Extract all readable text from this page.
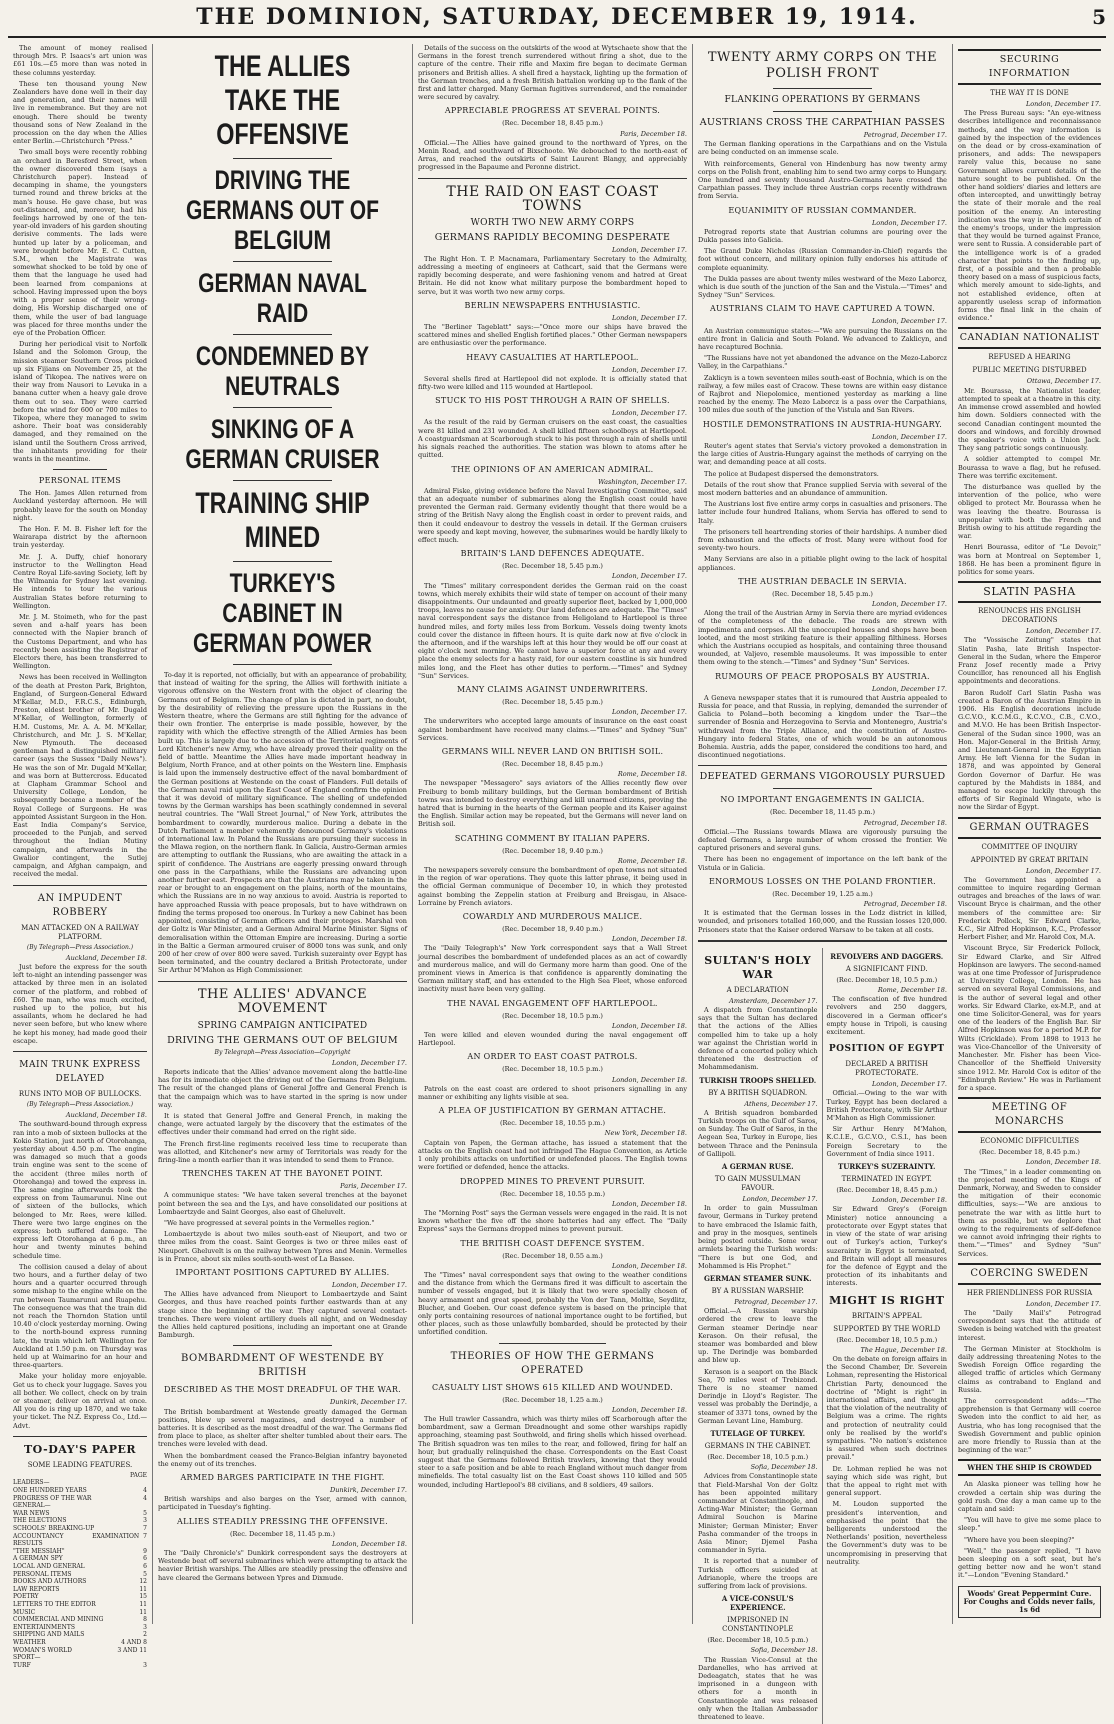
THE DOMINION, SATURDAY, DECEMBER 19, 1914.	5

The amount of money realised through Mrs. P. Isaacs's art union was £61 10s.—£5 more than was noted in these columns yesterday.

These ten thousand young New Zealanders have done well in their day and generation, and their names will live in remembrance. But they are not enough. There should be twenty thousand sons of New Zealand in the procession on the day when the Allies enter Berlin.—Christchurch "Press."

Two small boys were recently robbing an orchard in Beresford Street, when the owner discovered them (says a Christchurch paper). Instead of decamping in shame, the youngsters turned round and threw bricks at the man's house. He gave chase, but was out-distanced, and, moreover, had his feelings harrowed by one of the ten-year-old invaders of his garden shouting derisive comments. The lads were hunted up later by a policeman, and were brought before Mr. E. C. Cutten, S.M., when the Magistrate was somewhat shocked to be told by one of them that the language he used had been learned from companions at school. Having impressed upon the boys with a proper sense of their wrong-doing, His Worship discharged one of them, while the user of bad language was placed for three months under the eye of the Probation Officer.

During her periodical visit to Norfolk Island and the Solomon Group, the mission steamer Southern Cross picked up six Fijians on November 25, at the island of Tikopea. The natives were on their way from Nausori to Levuka in a banana cutter when a heavy gale drove them out to sea. They were carried before the wind for 600 or 700 miles to Tikopea, where they managed to swim ashore. Their boat was considerably damaged, and they remained on the island until the Southern Cross arrived, the inhabitants providing for their wants in the meantime.

PERSONAL ITEMS

The Hon. James Allen returned from Auckland yesterday afternoon. He will probably leave for the south on Monday night.

The Hon. F. M. B. Fisher left for the Wairarapa district by the afternoon train yesterday.

Mr. J. A. Duffy, chief honorary instructor to the Wellington Head Centre Royal Life-saving Society, left by the Wilmania for Sydney last evening. He intends to tour the various Australian States before returning to Wellington.

Mr. J. M. Stoimeth, who for the past seven and a-half years has been connected with the Napier branch of the Customs Department, and who has recently been assisting the Registrar of Electors there, has been transferred to Wellington.

News has been received in Wellington of the death at Preston Park, Brighton, England, of Surgeon-General Edward M'Kellar, M.D., F.R.C.S., Edinburgh, Preston, eldest brother of Mr. Dugald M'Kellar, of Wellington, formerly of H.M. Customs, Mr. A. A. M. M'Kellar, Christchurch, and Mr. J. S. M'Kellar, New Plymouth. The deceased gentleman had a distinguished military career (says the Sussex "Daily News"). He was the son of Mr. Dugald M'Kellar, and was born at Buttercross. Educated at Clapham Grammar School and University College, London, he subsequently became a member of the Royal College of Surgeons. He was appointed Assistant Surgeon in the Hon. East India Company's Service, proceeded to the Punjab, and served throughout the Indian Mutiny campaign, and afterwards in the Gwalior contingent, the Sutlej campaign, and Afghan campaign, and received the medal.

AN IMPUDENT ROBBERY
MAN ATTACKED ON A RAILWAY PLATFORM.
(By Telegraph—Press Association.)
Auckland, December 18.

Just before the express for the south left to-night an intending passenger was attacked by three men in an isolated corner of the platform, and robbed of £60. The man, who was much excited, rushed up to the police, but his assailants, whom he declared he had never seen before, but who knew where he kept his money, had made good their escape.

MAIN TRUNK EXPRESS DELAYED
RUNS INTO MOB OF BULLOCKS.
(By Telegraph—Press Association.)
Auckland, December 18.

The southward-bound through express ran into a mob of sixteen bullocks at the Kokio Station, just north of Otorohanga, yesterday about 4.50 p.m. The engine was damaged so much that a goods train engine was sent to the scene of the accident (three miles north of Otorohanga) and towed the express in. The same engine afterwards took the express on from Taumarunui. Nine out of sixteen of the bullocks, which belonged to Mr. Rees, were killed. There were two large engines on the express; both suffered damage. The express left Otorohanga at 6 p.m., an hour and twenty minutes behind schedule time.

The collision caused a delay of about two hours, and a further delay of two hours and a quarter occurred through some mishap to the engine while on the run between Taumarunui and Ruapehu. The consequence was that the train did not reach the Thorndon Station until 10.40 o'clock yesterday morning. Owing to the north-bound express running late, the train which left Wellington for Auckland at 1.50 p.m. on Thursday was held up at Waimarino for an hour and three-quarters.

Make your holiday more enjoyable. Get us to check your luggage. Saves you all bother. We collect, check on by train or steamer, deliver on arrival at once. All you do is ring up 1870, and we take your ticket. The N.Z. Express Co., Ltd.—Advt.

TO-DAY'S PAPER
SOME LEADING FEATURES.
PAGE
LEADERS—
ONE HUNDRED YEARS	4
PROGRESS OF THE WAR	4
GENERAL—
WAR NEWS	5
THE ELECTIONS	3
SCHOOLS' BREAKING-UP	7
ACCOUNTANCY EXAMINATION RESULTS
7
"THE MESSIAH"	9
A GERMAN SPY	6
LOCAL AND GENERAL	6
PERSONAL ITEMS	5
BOOKS AND AUTHORS	12
LAW REPORTS	11
POETRY	15
LETTERS TO THE EDITOR	11
MUSIC	11
COMMERCIAL AND MINING	8
ENTERTAINMENTS	3
SHIPPING AND MAILS	2
WEATHER	4 AND 8
WOMAN'S WORLD	3 AND 11
SPORT—
TURF	3
THE ALLIES TAKE THE OFFENSIVE
DRIVING THE GERMANS OUT OF BELGIUM
GERMAN NAVAL RAID
CONDEMNED BY NEUTRALS
SINKING OF A GERMAN CRUISER
TRAINING SHIP MINED
TURKEY'S CABINET IN GERMAN POWER

To-day it is reported, not officially, but with an appearance of probability, that instead of waiting for the spring, the Allies will forthwith initiate a vigorous offensive on the Western front with the object of clearing the Germans out of Belgium. The change of plan is dictated in part, no doubt, by the desirability of relieving the pressure upon the Russians in the Western theatre, where the Germans are still fighting for the advance of their own frontier. The enterprise is made possible, however, by the rapidity with which the effective strength of the Allied Armies has been built up. This is largely due to the accession of the Territorial regiments of Lord Kitchener's new Army, who have already proved their quality on the field of battle. Meantime the Allies have made important headway in Belgium, North France, and at other points on the Western line. Emphasis is laid upon the immensely destructive effect of the naval bombardment of the German positions at Westende on the coast of Flanders. Full details of the German naval raid upon the East Coast of England confirm the opinion that it was devoid of military significance. The shelling of undefended towns by the German warships has been scathingly condemned in several neutral countries. The "Wall Street Journal," of New York, attributes the bombardment to cowardly, murderous malice. During a debate in the Dutch Parliament a member vehemently denounced Germany's violations of international law. In Poland the Russians are pursuing their success in the Mlawa region, on the northern flank. In Galicia, Austro-German armies are attempting to outflank the Russians, who are awaiting the attack in a spirit of confidence. The Austrians are eagerly pressing onward through one pass in the Carpathians, while the Russians are advancing upon another further east. Prospects are that the Austrians may be taken in the rear or brought to an engagement on the plains, north of the mountains, which the Russians are in no way anxious to avoid. Austria is reported to have approached Russia with peace proposals, but to have withdrawn on finding the terms proposed too onerous. In Turkey a new Cabinet has been appointed, consisting of German officers and their proteges. Marshal von der Goltz is War Minister, and a German Admiral Marine Minister. Signs of demoralisation within the Ottoman Empire are increasing. During a sortie in the Baltic a German armoured cruiser of 8000 tons was sunk, and only 200 of her crew of over 800 were saved. Turkish suzerainty over Egypt has been terminated, and the country declared a British Protectorate, under Sir Arthur M'Mahon as High Commissioner.

THE ALLIES' ADVANCE MOVEMENT
SPRING CAMPAIGN ANTICIPATED
DRIVING THE GERMANS OUT OF BELGIUM
By Telegraph—Press Association—Copyright
London, December 17.

Reports indicate that the Allies' advance movement along the battle-line has for its immediate object the driving out of the Germans from Belgium. The result of the changed plans of General Joffre and General French is that the campaign which was to have started in the spring is now under way.

It is stated that General Joffre and General French, in making the change, were actuated largely by the discovery that the estimates of the effectives under their command had erred on the right side.

The French first-line regiments received less time to recuperate than was allotted, and Kitchener's new army of Territorials was ready for the firing-line a month earlier than it was intended to send them to France.

TRENCHES TAKEN AT THE BAYONET POINT.
Paris, December 17.

A communique states: "We have taken several trenches at the bayonet point between the sea and the Lys, and have consolidated our positions at Lombaertzyde and Saint Georges, also east of Gheluvelt.

"We have progressed at several points in the Vermelles region."

Lombaertzyde is about two miles south-east of Nieuport, and two or three miles from the coast. Saint Georges is two or three miles east of Nieuport. Gheluvelt is on the railway between Ypres and Menin. Vermelles is in France, about six miles south-south-west of La Bassee.

IMPORTANT POSITIONS CAPTURED BY ALLIES.
London, December 17.

The Allies have advanced from Nieuport to Lombaertzyde and Saint Georges, and thus have reached points further eastwards than at any stage since the beginning of the war. They captured several contact-trenches. There were violent artillery duels all night, and on Wednesday the Allies held captured positions, including an important one at Grande Bamburgh.

BOMBARDMENT OF WESTENDE BY BRITISH
DESCRIBED AS THE MOST DREADFUL OF THE WAR.
Dunkirk, December 17.

The British bombardment at Westende greatly damaged the German positions, blew up several magazines, and destroyed a number of batteries. It is described as the most dreadful of the war. The Germans fled from place to place, as shelter after shelter tumbled about their ears. The trenches were leveled with dead.

When the bombardment ceased the Franco-Belgian infantry bayoneted the enemy out of its trenches.

ARMED BARGES PARTICIPATE IN THE FIGHT.
Dunkirk, December 17.

British warships and also barges on the Yser, armed with cannon, participated in Tuesday's fighting.

ALLIES STEADILY PRESSING THE OFFENSIVE.
(Rec. December 18, 11.45 p.m.)
London, December 18.

The "Daily Chronicle's" Dunkirk correspondent says the destroyers at Westende beat off several submarines which were attempting to attack the heavier British warships. The Allies are steadily pressing the offensive and have cleared the Germans between Ypres and Dixmude.

Details of the success on the outskirts of the wood at Wytschaete show that the Germans in the forest trench surrendered without firing a shot, due to the capture of the centre. Their rifle and Maxim fire began to decimate German prisoners and British allies. A shell fired a haystack, lighting up the formation of the German trenches, and a fresh British battalion working up to the flank of the first and latter charged. Many German fugitives surrendered, and the remainder were secured by cavalry.

APPRECIABLE PROGRESS AT SEVERAL POINTS.
(Rec. December 18, 8.45 p.m.)
Paris, December 18.

Official.—The Allies have gained ground to the northward of Ypres, on the Menin Road, and southward of Bixschoote. We debouched to the north-east of Arras, and reached the outskirts of Saint Laurent Blangy, and appreciably progressed in the Bapaume and Peronne district.

THE RAID ON EAST COAST TOWNS
WORTH TWO NEW ARMY CORPS
GERMANS RAPIDLY BECOMING DESPERATE
London, December 17.

The Right Hon. T. P. Macnamara, Parliamentary Secretary to the Admiralty, addressing a meeting of engineers at Cathcart, said that the Germans were rapidly becoming desperate, and were fashioning venom and hatred at Great Britain. He did not know what military purpose the bombardment hoped to serve, but it was worth two new army corps.

BERLIN NEWSPAPERS ENTHUSIASTIC.
London, December 17.

The "Berliner Tageblatt" says:—"Once more our ships have braved the scattered mines and shelled English fortified places." Other German newspapers are enthusiastic over the performance.

HEAVY CASUALTIES AT HARTLEPOOL.
London, December 17.

Several shells fired at Hartlepool did not explode. It is officially stated that fifty-two were killed and 115 wounded at Hartlepool.

STUCK TO HIS POST THROUGH A RAIN OF SHELLS.
London, December 17.

As the result of the raid by German cruisers on the east coast, the casualties were 81 killed and 231 wounded. A shell killed fifteen schoolboys at Hartlepool. A coastguardsman at Scarborough stuck to his post through a rain of shells until his signals reached the authorities. The station was blown to atoms after he quitted.

THE OPINIONS OF AN AMERICAN ADMIRAL.
Washington, December 17.

Admiral Fiske, giving evidence before the Naval Investigating Committee, said that an adequate number of submarines along the English coast could have prevented the German raid. Germany evidently thought that there would be a string of the British Navy along the English coast in order to prevent raids, and then it could endeavour to destroy the vessels in detail. If the German cruisers were speedy and kept moving, however, the submarines would be hardly likely to effect much.

BRITAIN'S LAND DEFENCES ADEQUATE.
(Rec. December 18, 5.45 p.m.)
London, December 17.

The "Times" military correspondent derides the German raid on the coast towns, which merely exhibits their wild state of temper on account of their many disappointments. Our undaunted and greatly superior fleet, backed by 1,000,000 troops, leaves no cause for anxiety. Our land defences are adequate. The "Times" naval correspondent says the distance from Heligoland to Hartlepool is three hundred miles, and forty miles less from Borkum. Vessels doing twenty knots could cover the distance in fifteen hours. It is quite dark now at five o'clock in the afternoon, and if the warships left at this hour they would be off our coast at eight o'clock next morning. We cannot have a superior force at any and every place the enemy selects for a hasty raid, for our eastern coastline is six hundred miles long, and the Fleet has other duties to perform.—"Times" and Sydney "Sun" Services.

MANY CLAIMS AGAINST UNDERWRITERS.
(Rec. December 18, 5.45 p.m.)
London, December 17.

The underwriters who accepted large amounts of insurance on the east coast against bombardment have received many claims.—"Times" and Sydney "Sun" Services.

GERMANS WILL NEVER LAND ON BRITISH SOIL.
(Rec. December 18, 8.45 p.m.)
Rome, December 18.

The newspaper "Messagero" says aviators of the Allies recently flew over Freiburg to bomb military buildings, but the German bombardment of British towns was intended to destroy everything and kill unarmed citizens, proving the hatred that is burning in the hearts of the German people and its Kaiser against the English. Similar action may be repeated, but the Germans will never land on British soil.

SCATHING COMMENT BY ITALIAN PAPERS.
(Rec. December 18, 9.40 p.m.)
Rome, December 18.

The newspapers severely censure the bombardment of open towns not situated in the region of war operations. They quote this latter phrase, it being used in the official German communique of December 10, in which they protested against bombing the Zeppelin station at Freiburg and Breisgau, in Alsace-Lorraine by French aviators.

COWARDLY AND MURDEROUS MALICE.
(Rec. December 18, 9.40 p.m.)
London, December 18.

The "Daily Telegraph's" New York correspondent says that a Wall Street journal describes the bombardment of undefended places as an act of cowardly and murderous malice, and will do Germany more harm than good. One of the prominent views in America is that confidence is apparently dominating the German military staff, and has extended to the High Sea Fleet, whose enforced inactivity must have been very galling.

THE NAVAL ENGAGEMENT OFF HARTLEPOOL.
(Rec. December 18, 10.5 p.m.)
London, December 18.

Ten were killed and eleven wounded during the naval engagement off Hartlepool.

AN ORDER TO EAST COAST PATROLS.
(Rec. December 18, 10.5 p.m.)
London, December 18.

Patrols on the east coast are ordered to shoot prisoners signalling in any manner or exhibiting any lights visible at sea.

A PLEA OF JUSTIFICATION BY GERMAN ATTACHE.
(Rec. December 18, 10.55 p.m.)
New York, December 18.

Captain von Papen, the German attache, has issued a statement that the attacks on the English coast had not infringed The Hague Convention, as Article 1 only prohibits attacks on unfortified or undefended places. The English towns were fortified or defended, hence the attacks.

DROPPED MINES TO PREVENT PURSUIT.
(Rec. December 18, 10.55 p.m.)
London, December 18.

The "Morning Post" says the German vessels were engaged in the raid. It is not known whether the five off the shore batteries had any effect. The "Daily Express" says the Germans dropped mines to prevent pursuit.

THE BRITISH COAST DEFENCE SYSTEM.
(Rec. December 18, 0.55 a.m.)
London, December 18.

The "Times" naval correspondent says that owing to the weather conditions and the distance from which the Germans fired it was difficult to ascertain the number of vessels engaged, but it is likely that two were specially chosen of heavy armament and great speed, probably the Von der Tann, Moltke, Seydlitz, Blucher, and Goeben. Our coast defence system is based on the principle that only ports containing resources of national importance ought to be fortified, but other places, such as those unlawfully bombarded, should be protected by their unfortified condition.

THEORIES OF HOW THE GERMANS OPERATED
CASUALTY LIST SHOWS 615 KILLED AND WOUNDED.
(Rec. December 18, 1.25 a.m.)
London, December 18.

The Hull trawler Cassandra, which was thirty miles off Scarborough after the bombardment, saw a German Dreadnought and some other warships rapidly approaching, steaming past Southwold, and firing shells which hissed overhead. The British squadron was ten miles to the rear, and followed, firing for half an hour, but gradually relinquished the chase. Correspondents on the East Coast suggest that the Germans followed British trawlers, knowing that they would steer to a safe position and be able to reach England without much danger from minefields. The total casualty list on the East Coast shows 110 killed and 505 wounded, including Hartlepool's 88 civilians, and 8 soldiers, 49 sailors.

TWENTY ARMY CORPS ON THE POLISH FRONT
FLANKING OPERATIONS BY GERMANS
AUSTRIANS CROSS THE CARPATHIAN PASSES
Petrograd, December 17.

The German flanking operations in the Carpathians and on the Vistula are being conducted on an immense scale.

With reinforcements, General von Hindenburg has now twenty army corps on the Polish front, enabling him to send two army corps to Hungary. One hundred and seventy thousand Austro-Germans have crossed the Carpathian passes. They include three Austrian corps recently withdrawn from Servia.

EQUANIMITY OF RUSSIAN COMMANDER.
London, December 17.

Petrograd reports state that Austrian columns are pouring over the Dukla passes into Galicia.

The Grand Duke Nicholas (Russian Commander-in-Chief) regards the foot without concern, and military opinion fully endorses his attitude of complete equanimity.

The Dukla passes are about twenty miles westward of the Mezo Laborcz, which is due south of the junction of the San and the Vistula.—"Times" and Sydney "Sun" Services.

AUSTRIANS CLAIM TO HAVE CAPTURED A TOWN.
London, December 17.

An Austrian communique states:—"We are pursuing the Russians on the entire front in Galicia and South Poland. We advanced to Zaklicyn, and have recaptured Bochnia.

"The Russians have not yet abandoned the advance on the Mezo-Laborcz Valley, in the Carpathians."

Zaklicyn is a town seventeen miles south-east of Bochnia, which is on the railway, a few miles east of Cracow. These towns are within easy distance of Rajbrot and Niepolomice, mentioned yesterday as marking a line reached by the enemy. The Mezo Laborcz is a pass over the Carpathians, 100 miles due south of the junction of the Vistula and San Rivers.

HOSTILE DEMONSTRATIONS IN AUSTRIA-HUNGARY.
London, December 17.

Reuter's agent states that Servia's victory provoked a demonstration in the large cities of Austria-Hungary against the methods of carrying on the war, and demanding peace at all costs.

The police at Budapest dispersed the demonstrators.

Details of the rout show that France supplied Servia with several of the most modern batteries and an abundance of ammunition.

The Austrians lost five entire army corps in casualties and prisoners. The latter include four hundred Italians, whom Servia has offered to send to Italy.

The prisoners tell heartrending stories of their hardships. A number died from exhaustion and the effects of frost. Many were without food for seventy-two hours.

Many Servians are also in a pitiable plight owing to the lack of hospital appliances.

THE AUSTRIAN DEBACLE IN SERVIA.
(Rec. December 18, 5.45 p.m.)
London, December 17.

Along the trail of the Austrian Army in Servia there are myriad evidences of the completeness of the debacle. The roads are strewn with impedimenta and corpses. All the unoccupied houses and shops have been looted, and the most striking feature is their appalling filthiness. Horses which the Austrians occupied as hospitals, and containing three thousand wounded, at Valjevo, resemble mausoleums. It was impossible to enter them owing to the stench.—"Times" and Sydney "Sun" Services.

RUMOURS OF PEACE PROPOSALS BY AUSTRIA.
London, December 17.

A Geneva newspaper states that it is rumoured that Austria appealed to Russia for peace, and that Russia, in replying, demanded the surrender of Galicia to Poland—both becoming a kingdom under the Tsar—the surrender of Bosnia and Herzegovina to Servia and Montenegro, Austria's withdrawal from the Triple Alliance, and the constitution of Austro-Hungary into federal States, one of which would be an autonomous Bohemia. Austria, adds the paper, considered the conditions too hard, and discontinued negotiations.

DEFEATED GERMANS VIGOROUSLY PURSUED
NO IMPORTANT ENGAGEMENTS IN GALICIA.
(Rec. December 18, 11.45 p.m.)
Petrograd, December 18.

Official.—The Russians towards Mlawa are vigorously pursuing the defeated Germans, a large number of whom crossed the frontier. We captured prisoners and several guns.

There has been no engagement of importance on the left bank of the Vistula or in Galicia.

ENORMOUS LOSSES ON THE POLAND FRONTIER.
(Rec. December 19, 1.25 a.m.)
Petrograd, December 18.

It is estimated that the German losses in the Lodz district in killed, wounded, and prisoners totalled 160,000, and the Russian losses 120,000. Prisoners state that the Kaiser ordered Warsaw to be taken at all costs.

SULTAN'S HOLY WAR
A DECLARATION
Amsterdam, December 17.

A dispatch from Constantinople says that the Sultan has declared that the actions of the Allies compelled him to take up a holy war against the Christian world in defence of a concerted policy which threatened the destruction of Mohammedanism.

TURKISH TROOPS SHELLED.
BY A BRITISH SQUADRON.
Athens, December 17.

A British squadron bombarded Turkish troops on the Gulf of Saros, on Sunday. The Gulf of Saros, in the Aegean Sea, Turkey in Europe, lies between Thrace and the Peninsula of Gallipoli.

A GERMAN RUSE.
TO GAIN MUSSULMAN FAVOUR.
London, December 17.

In order to gain Mussulman favour, Germans in Turkey pretend to have embraced the Islamic faith, and pray in the mosques, sentinels being posted outside. Some wear armlets bearing the Turkish words: "There is but one God, and Mohammed is His Prophet."

GERMAN STEAMER SUNK.
BY A RUSSIAN WARSHIP.
Petrograd, December 17.

Official.—A Russian warship ordered the crew to leave the German steamer Derindje near Kerason. On their refusal, the steamer was bombarded and blew up. The Derindje was bombarded and blew up.

Kerason is a seaport on the Black Sea, 70 miles west of Trebizond. There is no steamer named Derindje in Lloyd's Register. The vessel was probably the Derindje, a steamer of 3371 tons, owned by the German Levant Line, Hamburg.

TUTELAGE OF TURKEY.
GERMANS IN THE CABINET.
(Rec. December 18, 10.5 p.m.)
Sofia, December 18.

Advices from Constantinople state that Field-Marshal Von der Goltz has been appointed military commander at Constantinople, and Acting-War Minister; the German Admiral Souchon is Marine Minister; German Minister; Enver Pasha commander of the troops in Asia Minor; Djemel Pasha commander in Syria.

It is reported that a number of Turkish officers suicided at Adrianople, where the troops are suffering from lack of provisions.

A VICE-CONSUL'S EXPERIENCE.
IMPRISONED IN CONSTANTINOPLE
(Rec. December 18, 10.5 p.m.)
Sofia, December 18.

The Russian Vice-Consul at the Dardanelles, who has arrived at Dedeagatch, states that he was imprisoned in a dungeon with others for a month in Constantinople and was released only when the Italian Ambassador threatened to leave.

REVOLVERS AND DAGGERS.
A SIGNIFICANT FIND.
(Rec. December 18, 10.5 p.m.)
Rome, December 18.

The confiscation of five hundred revolvers and 250 daggers, discovered in a German officer's empty house in Tripoli, is causing excitement.

POSITION OF EGYPT
DECLARED A BRITISH PROTECTORATE.
London, December 17.

Official.—Owing to the war with Turkey, Egypt has been declared a British Protectorate, with Sir Arthur M'Mahon as High Commissioner.

Sir Arthur Henry M'Mahon, K.C.I.E., G.C.V.O., C.S.I., has been Foreign Secretary to the Government of India since 1911.

TURKEY'S SUZERAINTY.
TERMINATED IN EGYPT.
(Rec. December 18, 8.45 p.m.)
London, December 18.

Sir Edward Grey's (Foreign Minister) notice announcing a protectorate over Egypt states that in view of the state of war arising out of Turkey's action, Turkey's suzerainty in Egypt is terminated, and Britain will adopt all measures for the defence of Egypt and the protection of its inhabitants and interests.

MIGHT IS RIGHT
BRITAIN'S APPEAL
SUPPORTED BY THE WORLD
(Rec. December 18, 10.5 p.m.)
The Hague, December 18.

On the debate on foreign affairs in the Second Chamber, Dr. Severein Lohman, representing the Historical Christian Party, denounced the doctrine of "Might is right" in international affairs, and thought that the violation of the neutrality of Belgium was a crime. The rights and protection of neutrality could only be realised by the world's sympathies. "No nation's existence is assured when such doctrines prevail."

Dr. Lohman replied he was not saying which side was right, but that the appeal to right met with general support.

M. Loudon supported the president's intervention, and emphasised the point that the belligerents understood the Netherlands' position, nevertheless the Government's duty was to be uncompromising in preserving that neutrality.

SECURING INFORMATION
THE WAY IT IS DONE
London, December 17.

The Press Bureau says: "An eye-witness describes intelligence and reconnaissance methods, and the way information is gained by the inspection of the evidences on the dead or by cross-examination of prisoners, and adds: The newspapers rarely value this, because no sane Government allows current details of the nature sought to be published. On the other hand soldiers' diaries and letters are often intercepted, and unwittingly betray the state of their morale and the real position of the enemy. An interesting indication was the way in which certain of the enemy's troops, under the impression that they would be turned against France, were sent to Russia. A considerable part of the intelligence work is of a graded character that points to the finding up, first, of a possible and then a probable theory based on a mass of suspicious facts, which merely amount to side-lights, and not established evidence, often at apparently useless scrap of information forms the final link in the chain of evidence."

CANADIAN NATIONALIST
REFUSED A HEARING
PUBLIC MEETING DISTURBED
Ottawa, December 17.

Mr. Bourassa, the Nationalist leader, attempted to speak at a theatre in this city. An immense crowd assembled and howled him down. Soldiers connected with the second Canadian contingent mounted the doors and windows, and forcibly drowned the speaker's voice with a Union Jack. They sang patriotic songs continuously.

A soldier attempted to compel Mr. Bourassa to wave a flag, but he refused. There was terrific excitement.

The disturbance was quelled by the intervention of the police, who were obliged to protect Mr. Bourassa when he was leaving the theatre. Bourassa is unpopular with both the French and British owing to his attitude regarding the war.

Henri Bourassa, editor of "Le Devoir," was born at Montreal on September 1, 1868. He has been a prominent figure in politics for some years.

SLATIN PASHA
RENOUNCES HIS ENGLISH DECORATIONS
London, December 17.

The "Vossische Zeitung" states that Slatin Pasha, late British Inspector-General in the Sudan, where the Emperor Franz Josef recently made a Privy Councillor, has renounced all his English appointments and decorations.

Baron Rudolf Carl Slatin Pasha was created a Baron of the Austrian Empire in 1906. His English decorations include G.C.V.O., K.C.M.G., K.C.V.O., C.B., C.V.O., and M.V.O. He has been British Inspector-General of the Sudan since 1900, was an Hon. Major-General in the British Army, and Lieutenant-General in the Egyptian Army. He left Vienna for the Sudan in 1878, and was appointed by General Gordon Governor of Darfur. He was captured by the Mahdists in 1884, and managed to escape luckily through the efforts of Sir Reginald Wingate, who is now the Sirdar of Egypt.

GERMAN OUTRAGES
COMMITTEE OF INQUIRY
APPOINTED BY GREAT BRITAIN
London, December 17.

The Government has appointed a committee to inquire regarding German outrages and breaches of the laws of war. Viscount Bryce is chairman, and the other members of the committee are: Sir Frederick Pollock, Sir Edward Clarke, K.C., Sir Alfred Hopkinson, K.C., Professor Herbert Fisher, and Mr. Harold Cox, M.A.

Viscount Bryce, Sir Frederick Pollock, Sir Edward Clarke, and Sir Alfred Hopkinson are lawyers. The second-named was at one time Professor of Jurisprudence at University College, London. He has served on several Royal Commissions, and is the author of several legal and other works. Sir Edward Clarke, ex-M.P., and at one time Solicitor-General, was for years one of the leaders of the English Bar. Sir Alfred Hopkinson was for a period M.P. for Wilts (Cricklade). From 1898 to 1913 he was Vice-Chancellor of the University of Manchester. Mr. Fisher has been Vice-Chancellor of the Sheffield University since 1912. Mr. Harold Cox is editor of the "Edinburgh Review." He was in Parliament for a space.

MEETING OF MONARCHS
ECONOMIC DIFFICULTIES
(Rec. December 18, 8.45 p.m.)
London, December 18.

The "Times," in a leader commenting on the projected meeting of the Kings of Denmark, Norway, and Sweden to consider the mitigation of their economic difficulties, says:—"We are anxious to penetrate the war with as little hurt to them as possible, but we deplore that owing to the requirements of self-defence we cannot avoid infringing their rights to them."—"Times" and Sydney "Sun" Services.

COERCING SWEDEN
HER FRIENDLINESS FOR RUSSIA
London, December 17.

The "Daily Mail's" Petrograd correspondent says that the attitude of Sweden is being watched with the greatest interest.

The German Minister at Stockholm is daily addressing threatening Notes to the Swedish Foreign Office regarding the alleged traffic of articles which Germany claims as contraband to England and Russia.

The correspondent adds:—"The apprehension is that Germany will coerce Sweden into the conflict to aid her, as Austria, who has long recognised that the Swedish Government and public opinion are more friendly to Russia than at the beginning of the war."

WHEN THE SHIP IS CROWDED

An Alaska pioneer was telling how he crowded a certain ship was during the gold rush. One day a man came up to the captain and said:

"You will have to give me some place to sleep."

"Where have you been sleeping?"

"Well," the passenger replied, "I have been sleeping on a soft seat, but he's getting better now and he won't stand it."—London "Evening Standard."

Woods' Great Peppermint Cure. For Coughs and Colds never fails, 1s 6d
